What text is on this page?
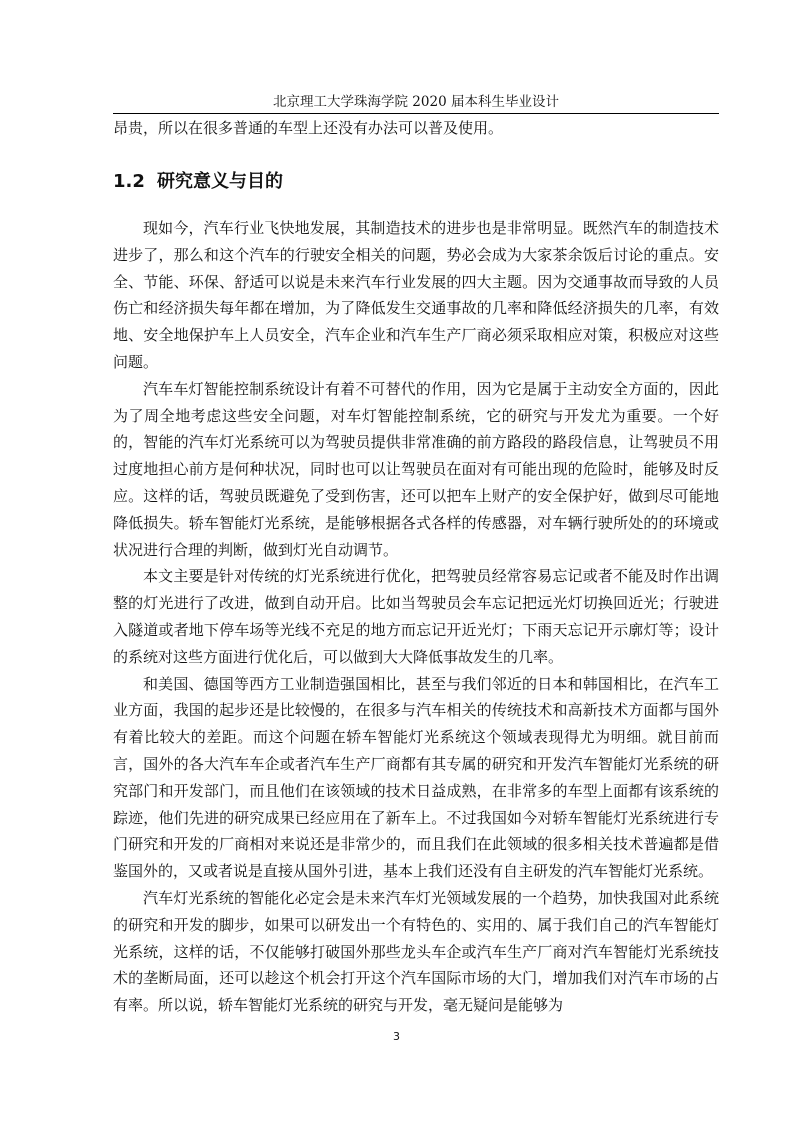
北京理工大学珠海学院 2020 届本科生毕业设计

昂贵，所以在很多普通的车型上还没有办法可以普及使用。

1.2 研究意义与目的

现如今，汽车行业飞快地发展，其制造技术的进步也是非常明显。既然汽车的制造技术进步了，那么和这个汽车的行驶安全相关的问题，势必会成为大家茶余饭后讨论的重点。安全、节能、环保、舒适可以说是未来汽车行业发展的四大主题。因为交通事故而导致的人员伤亡和经济损失每年都在增加，为了降低发生交通事故的几率和降低经济损失的几率，有效地、安全地保护车上人员安全，汽车企业和汽车生产厂商必须采取相应对策，积极应对这些问题。

汽车车灯智能控制系统设计有着不可替代的作用，因为它是属于主动安全方面的，因此为了周全地考虑这些安全问题，对车灯智能控制系统，它的研究与开发尤为重要。一个好的，智能的汽车灯光系统可以为驾驶员提供非常准确的前方路段的路段信息，让驾驶员不用过度地担心前方是何种状况，同时也可以让驾驶员在面对有可能出现的危险时，能够及时反应。这样的话，驾驶员既避免了受到伤害，还可以把车上财产的安全保护好，做到尽可能地降低损失。轿车智能灯光系统，是能够根据各式各样的传感器，对车辆行驶所处的的环境或状况进行合理的判断，做到灯光自动调节。

本文主要是针对传统的灯光系统进行优化，把驾驶员经常容易忘记或者不能及时作出调整的灯光进行了改进，做到自动开启。比如当驾驶员会车忘记把远光灯切换回近光；行驶进入隧道或者地下停车场等光线不充足的地方而忘记开近光灯；下雨天忘记开示廓灯等；设计的系统对这些方面进行优化后，可以做到大大降低事故发生的几率。

和美国、德国等西方工业制造强国相比，甚至与我们邻近的日本和韩国相比，在汽车工业方面，我国的起步还是比较慢的，在很多与汽车相关的传统技术和高新技术方面都与国外有着比较大的差距。而这个问题在轿车智能灯光系统这个领域表现得尤为明细。就目前而言，国外的各大汽车车企或者汽车生产厂商都有其专属的研究和开发汽车智能灯光系统的研究部门和开发部门，而且他们在该领域的技术日益成熟，在非常多的车型上面都有该系统的踪迹，他们先进的研究成果已经应用在了新车上。不过我国如今对轿车智能灯光系统进行专门研究和开发的厂商相对来说还是非常少的，而且我们在此领域的很多相关技术普遍都是借鉴国外的，又或者说是直接从国外引进，基本上我们还没有自主研发的汽车智能灯光系统。

汽车灯光系统的智能化必定会是未来汽车灯光领域发展的一个趋势，加快我国对此系统的研究和开发的脚步，如果可以研发出一个有特色的、实用的、属于我们自己的汽车智能灯光系统，这样的话，不仅能够打破国外那些龙头车企或汽车生产厂商对汽车智能灯光系统技术的垄断局面，还可以趁这个机会打开这个汽车国际市场的大门，增加我们对汽车市场的占有率。所以说，轿车智能灯光系统的研究与开发，毫无疑问是能够为

3
